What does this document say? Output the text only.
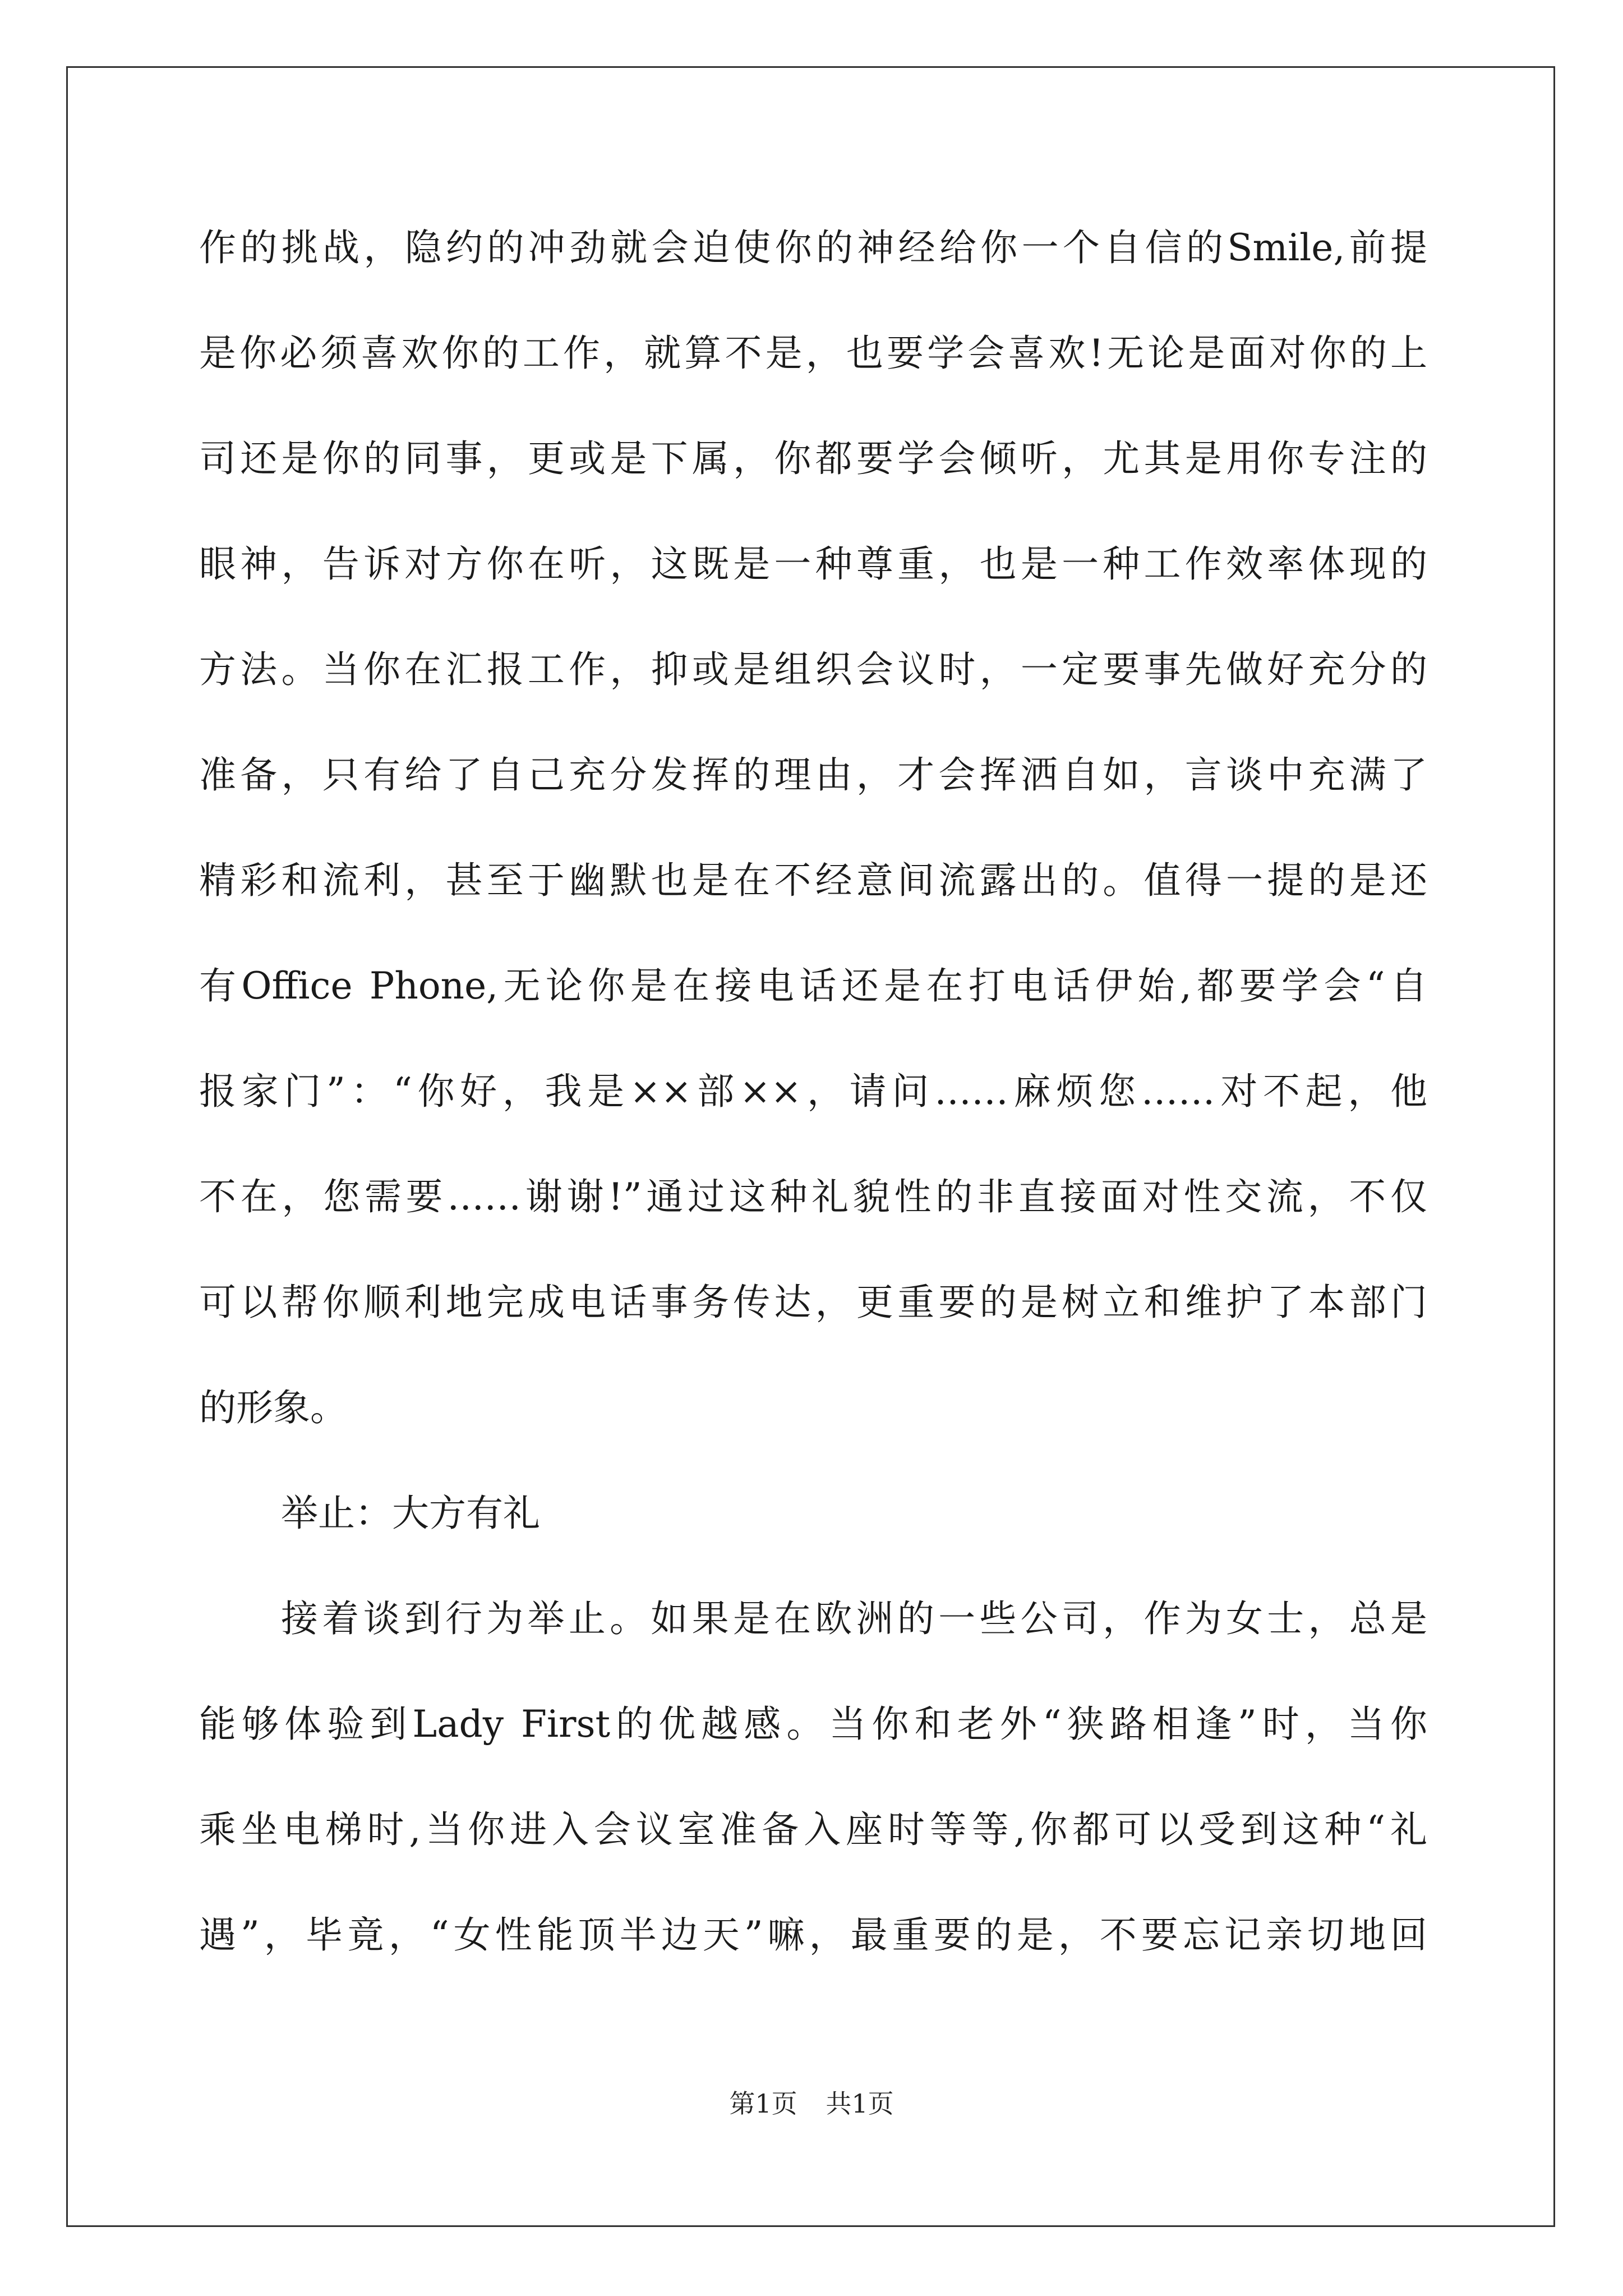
作的挑战，隐约的冲劲就会迫使你的神经给你一个自信的Smile,前提
是你必须喜欢你的工作，就算不是，也要学会喜欢!无论是面对你的上
司还是你的同事，更或是下属，你都要学会倾听，尤其是用你专注的
眼神，告诉对方你在听，这既是一种尊重，也是一种工作效率体现的
方法。当你在汇报工作，抑或是组织会议时，一定要事先做好充分的
准备，只有给了自己充分发挥的理由，才会挥洒自如，言谈中充满了
精彩和流利，甚至于幽默也是在不经意间流露出的。值得一提的是还
有Office Phone,无论你是在接电话还是在打电话伊始,都要学会“自
报家门”：“你好，我是××部××，请问……麻烦您……对不起，他
不在，您需要……谢谢!”通过这种礼貌性的非直接面对性交流，不仅
可以帮你顺利地完成电话事务传达，更重要的是树立和维护了本部门
的形象。
举止：大方有礼
接着谈到行为举止。如果是在欧洲的一些公司，作为女士，总是
能够体验到Lady First的优越感。当你和老外“狭路相逢”时，当你
乘坐电梯时,当你进入会议室准备入座时等等,你都可以受到这种“礼
遇”，毕竟，“女性能顶半边天”嘛，最重要的是，不要忘记亲切地回
第1页 共1页
